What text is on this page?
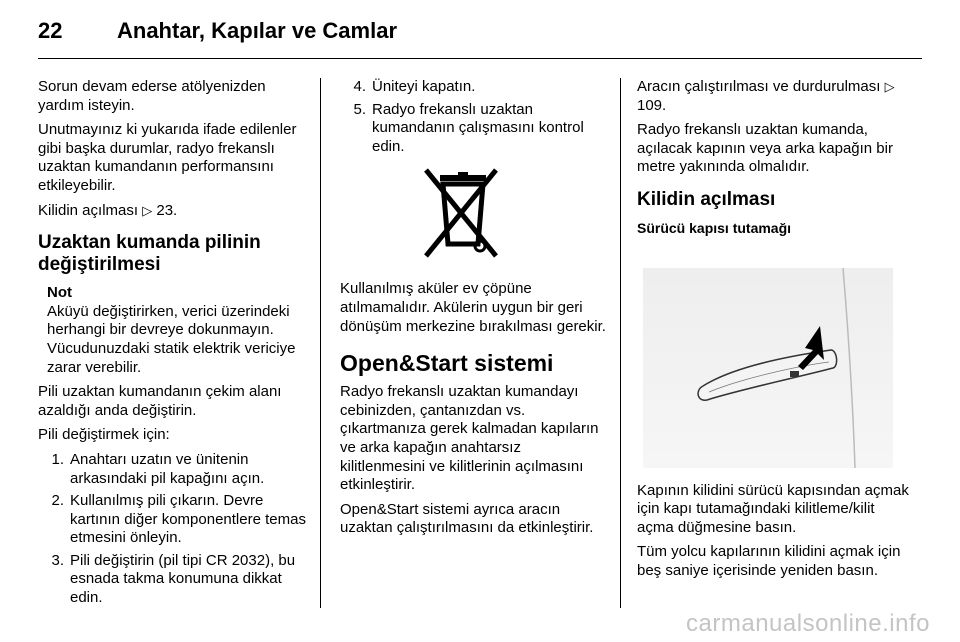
22 Anahtar, Kapılar ve Camlar

Sorun devam ederse atölyenizden yardım isteyin.

Unutmayınız ki yukarıda ifade edilenler gibi başka durumlar, radyo frekanslı uzaktan kumandanın performansını etkileyebilir.

Kilidin açılması ▷ 23.

Uzaktan kumanda pilinin değiştirilmesi
Not
Aküyü değiştirirken, verici üzerindeki herhangi bir devreye dokunmayın. Vücudunuzdaki statik elektrik vericiye zarar verebilir.

Pili uzaktan kumandanın çekim alanı azaldığı anda değiştirin.

Pili değiştirmek için:

1. Anahtarı uzatın ve ünitenin arkasındaki pil kapağını açın.
2. Kullanılmış pili çıkarın. Devre kartının diğer komponentlere temas etmesini önleyin.
3. Pili değiştirin (pil tipi CR 2032), bu esnada takma konumuna dikkat edin.
4. Üniteyi kapatın.
5. Radyo frekanslı uzaktan kumandanın çalışmasını kontrol edin.

Kullanılmış aküler ev çöpüne atılmamalıdır. Akülerin uygun bir geri dönüşüm merkezine bırakılması gerekir.

Open&Start sistemi

Radyo frekanslı uzaktan kumandayı cebinizden, çantanızdan vs. çıkartmanıza gerek kalmadan kapıların ve arka kapağın anahtarsız kilitlenmesini ve kilitlerinin açılmasını etkinleştirir.

Open&Start sistemi ayrıca aracın uzaktan çalıştırılmasını da etkinleştirir.

Aracın çalıştırılması ve durdurulması ▷ 109.

Radyo frekanslı uzaktan kumanda, açılacak kapının veya arka kapağın bir metre yakınında olmalıdır.

Kilidin açılması
Sürücü kapısı tutamağı

Kapının kilidini sürücü kapısından açmak için kapı tutamağındaki kilitleme/kilit açma düğmesine basın.

Tüm yolcu kapılarının kilidini açmak için beş saniye içerisinde yeniden basın.

carmanualsonline.info
